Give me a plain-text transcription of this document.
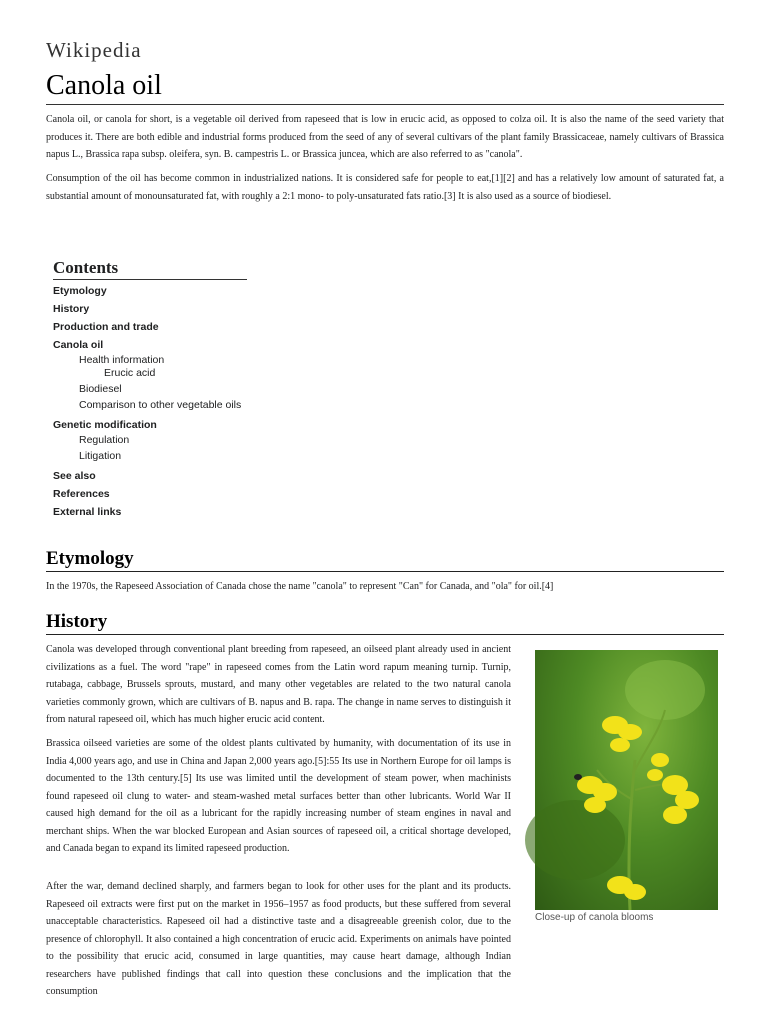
Wikipedia
Canola oil

Canola oil, or canola for short, is a vegetable oil derived from rapeseed that is low in erucic acid, as opposed to colza oil. It is also the name of the seed variety that produces it. There are both edible and industrial forms produced from the seed of any of several cultivars of the plant family Brassicaceae, namely cultivars of Brassica napus L., Brassica rapa subsp. oleifera, syn. B. campestris L. or Brassica juncea, which are also referred to as "canola".

Consumption of the oil has become common in industrialized nations. It is considered safe for people to eat,[1][2] and has a relatively low amount of saturated fat, a substantial amount of monounsaturated fat, with roughly a 2:1 mono- to poly-unsaturated fats ratio.[3] It is also used as a source of biodiesel.

Contents
Etymology
History
Production and trade
Canola oil
Health information
Erucic acid
Biodiesel
Comparison to other vegetable oils
Genetic modification
Regulation
Litigation
See also
References
External links
Etymology

In the 1970s, the Rapeseed Association of Canada chose the name "canola" to represent "Can" for Canada, and "ola" for oil.[4]

History

Canola was developed through conventional plant breeding from rapeseed, an oilseed plant already used in ancient civilizations as a fuel. The word "rape" in rapeseed comes from the Latin word rapum meaning turnip. Turnip, rutabaga, cabbage, Brussels sprouts, mustard, and many other vegetables are related to the two natural canola varieties commonly grown, which are cultivars of B. napus and B. rapa. The change in name serves to distinguish it from natural rapeseed oil, which has much higher erucic acid content.

Brassica oilseed varieties are some of the oldest plants cultivated by humanity, with documentation of its use in India 4,000 years ago, and use in China and Japan 2,000 years ago.[5]:55 Its use in Northern Europe for oil lamps is documented to the 13th century.[5] Its use was limited until the development of steam power, when machinists found rapeseed oil clung to water- and steam-washed metal surfaces better than other lubricants. World War II caused high demand for the oil as a lubricant for the rapidly increasing number of steam engines in naval and merchant ships. When the war blocked European and Asian sources of rapeseed oil, a critical shortage developed, and Canada began to expand its limited rapeseed production.

After the war, demand declined sharply, and farmers began to look for other uses for the plant and its products. Rapeseed oil extracts were first put on the market in 1956–1957 as food products, but these suffered from several unacceptable characteristics. Rapeseed oil had a distinctive taste and a disagreeable greenish color, due to the presence of chlorophyll. It also contained a high concentration of erucic acid. Experiments on animals have pointed to the possibility that erucic acid, consumed in large quantities, may cause heart damage, although Indian researchers have published findings that call into question these conclusions and the implication that the consumption

Close-up of canola blooms
